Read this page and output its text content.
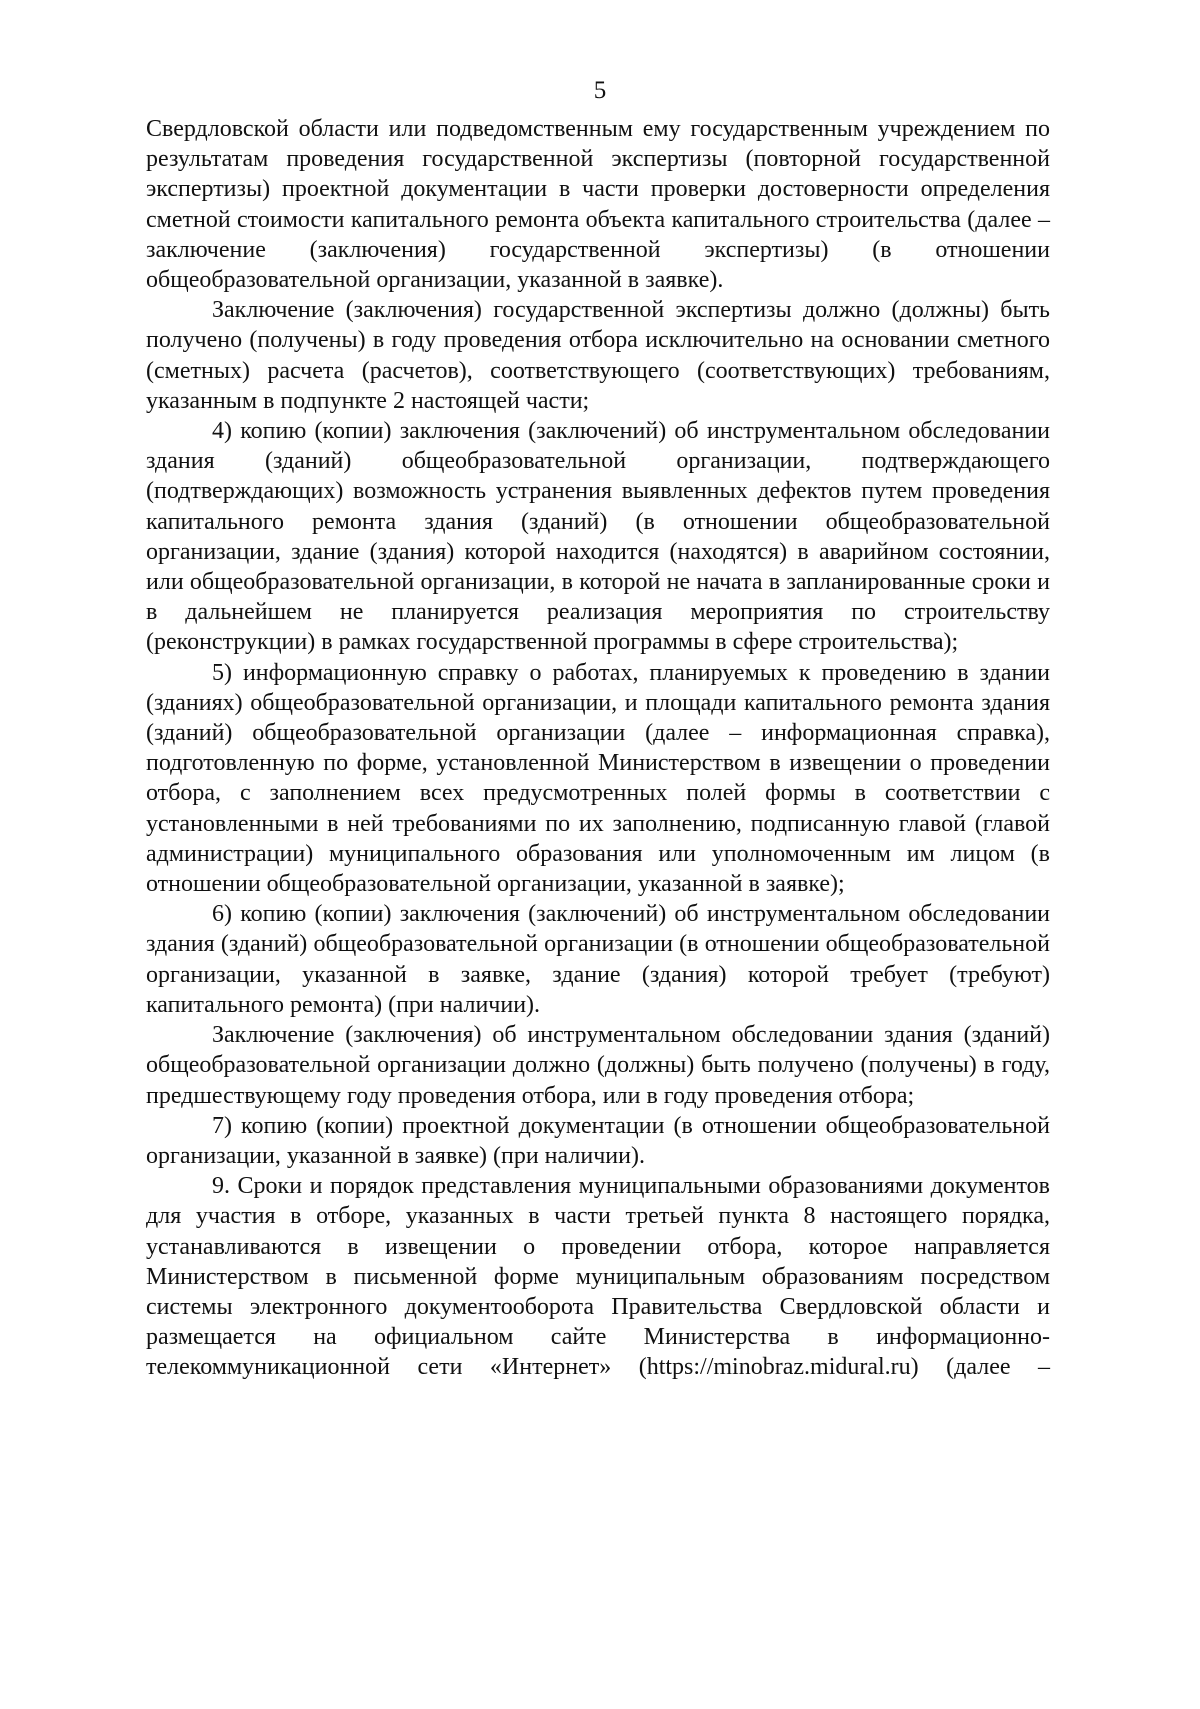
5

Свердловской области или подведомственным ему государственным учреждением по результатам проведения государственной экспертизы (повторной государственной экспертизы) проектной документации в части проверки достоверности определения сметной стоимости капитального ремонта объекта капитального строительства (далее – заключение (заключения) государственной экспертизы) (в отношении общеобразовательной организации, указанной в заявке).

Заключение (заключения) государственной экспертизы должно (должны) быть получено (получены) в году проведения отбора исключительно на основании сметного (сметных) расчета (расчетов), соответствующего (соответствующих) требованиям, указанным в подпункте 2 настоящей части;

4) копию (копии) заключения (заключений) об инструментальном обследовании здания (зданий) общеобразовательной организации, подтверждающего (подтверждающих) возможность устранения выявленных дефектов путем проведения капитального ремонта здания (зданий) (в отношении общеобразовательной организации, здание (здания) которой находится (находятся) в аварийном состоянии, или общеобразовательной организации, в которой не начата в запланированные сроки и в дальнейшем не планируется реализация мероприятия по строительству (реконструкции) в рамках государственной программы в сфере строительства);

5) информационную справку о работах, планируемых к проведению в здании (зданиях) общеобразовательной организации, и площади капитального ремонта здания (зданий) общеобразовательной организации (далее – информационная справка), подготовленную по форме, установленной Министерством в извещении о проведении отбора, с заполнением всех предусмотренных полей формы в соответствии с установленными в ней требованиями по их заполнению, подписанную главой (главой администрации) муниципального образования или уполномоченным им лицом (в отношении общеобразовательной организации, указанной в заявке);

6) копию (копии) заключения (заключений) об инструментальном обследовании здания (зданий) общеобразовательной организации (в отношении общеобразовательной организации, указанной в заявке, здание (здания) которой требует (требуют) капитального ремонта) (при наличии).

Заключение (заключения) об инструментальном обследовании здания (зданий) общеобразовательной организации должно (должны) быть получено (получены) в году, предшествующему году проведения отбора, или в году проведения отбора;

7) копию (копии) проектной документации (в отношении общеобразовательной организации, указанной в заявке) (при наличии).

9. Сроки и порядок представления муниципальными образованиями документов для участия в отборе, указанных в части третьей пункта 8 настоящего порядка, устанавливаются в извещении о проведении отбора, которое направляется Министерством в письменной форме муниципальным образованиям посредством системы электронного документооборота Правительства Свердловской области и размещается на официальном сайте Министерства в информационно-телекоммуникационной сети «Интернет» (https://minobraz.midural.ru) (далее –
